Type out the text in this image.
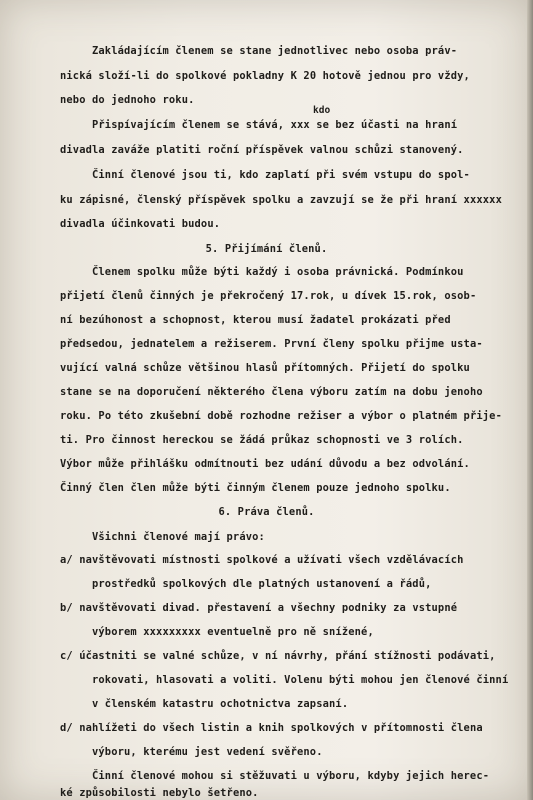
Zakládajícím členem se stane jednotlivec nebo osoba práv-
nická složí-li do spolkové pokladny K 20 hotově jednou pro vždy,
nebo do jednoho roku.
kdo
Přispívajícím členem se stává, xxx se bez účasti na hraní
divadla zaváže platiti roční příspěvek valnou schůzi stanovený.
Činní členové jsou ti, kdo zaplatí při svém vstupu do spol-
ku zápisné, členský příspěvek spolku a zavzují se že při hraní xxxxxx
divadla účinkovati budou.
5. Přijímání členů.
Členem spolku může býti každý i osoba právnická. Podmínkou
přijetí členů činných je překročený 17.rok, u dívek 15.rok, osob-
ní bezúhonost a schopnost, kterou musí žadatel prokázati před
předsedou, jednatelem a režiserem. První členy spolku přijme usta-
vující valná schůze většinou hlasů přítomných. Přijetí do spolku
stane se na doporučení některého člena výboru zatím na dobu jenoho
roku. Po této zkušební době rozhodne režiser a výbor o platném přije-
ti. Pro činnost hereckou se žádá průkaz schopnosti ve 3 rolích.
Výbor může přihlášku odmítnouti bez udání důvodu a bez odvolání.
Činný člen člen může býti činným členem pouze jednoho spolku.
6. Práva členů.
Všichni členové mají právo:
a/ navštěvovati místnosti spolkové a užívati všech vzdělávacích
prostředků spolkových dle platných ustanovení a řádů,
b/ navštěvovati divad. přestavení a všechny podniky za vstupné
výborem xxxxxxxxx eventuelně pro ně snížené,
c/ účastniti se valné schůze, v ní návrhy, přání stížnosti podávati,
rokovati, hlasovati a voliti. Volenu býti mohou jen členové činní
v členském katastru ochotnictva zapsaní.
d/ nahlížeti do všech listin a knih spolkových v přítomnosti člena
výboru, kterému jest vedení svěřeno.
Činní členové mohou si stěžuvati u výboru, kdyby jejich herec-
ké způsobilosti nebylo šetřeno.
